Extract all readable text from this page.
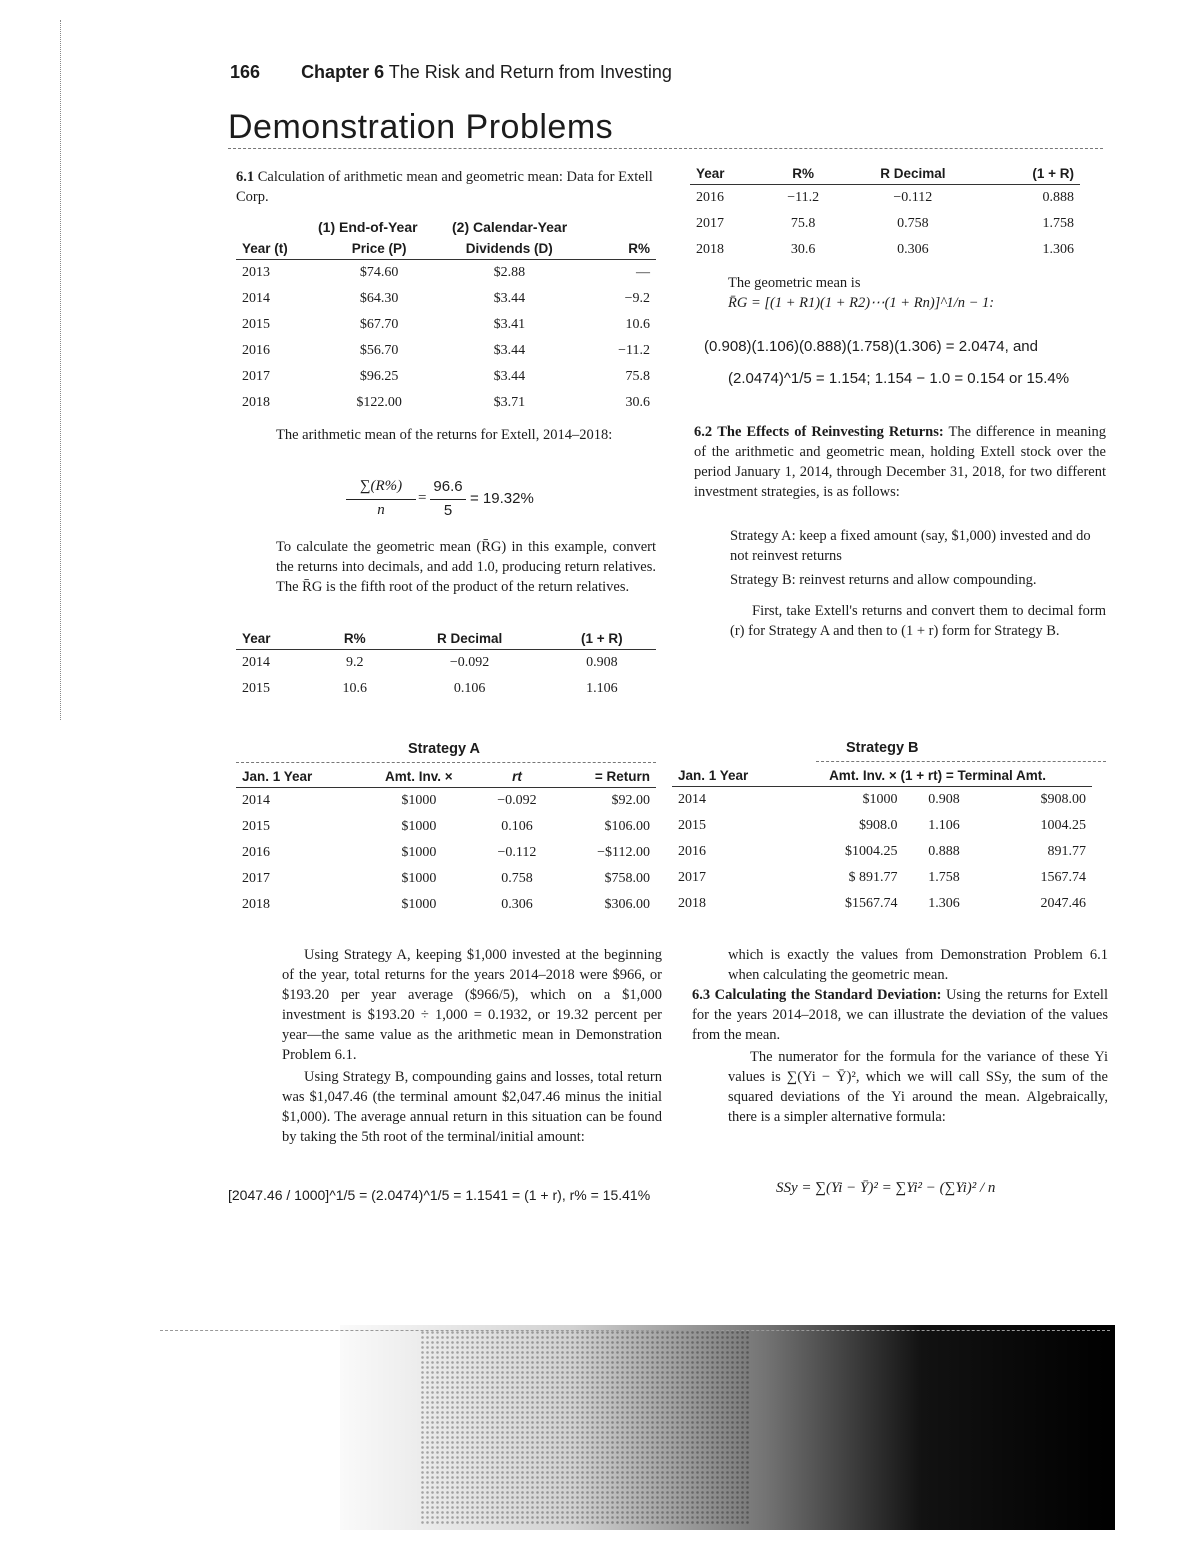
166 Chapter 6 The Risk and Return from Investing
Demonstration Problems
6.1 Calculation of arithmetic mean and geometric mean: Data for Extell Corp.
(1) End-of-Year (2) Calendar-Year
Year (t)	Price (P)	Dividends (D)	R%
2013	$74.60	$2.88	—
2014	$64.30	$3.44	−9.2
2015	$67.70	$3.41	10.6
2016	$56.70	$3.44	−11.2
2017	$96.25	$3.44	75.8
2018	$122.00	$3.71	30.6
The arithmetic mean of the returns for Extell, 2014–2018:
∑(R%)
n
=
96.6
5
= 19.32%
To calculate the geometric mean (R̄G) in this example, convert the returns into decimals, and add 1.0, producing return relatives. The R̄G is the fifth root of the product of the return relatives.
Year	R%	R Decimal	(1 + R)
2014	9.2	−0.092	0.908
2015	10.6	0.106	1.106
Year	R%	R Decimal	(1 + R)
2016	−11.2	−0.112	0.888
2017	75.8	0.758	1.758
2018	30.6	0.306	1.306
The geometric mean is
R̄G = [(1 + R1)(1 + R2)⋯(1 + Rn)]^1/n − 1:
(0.908)(1.106)(0.888)(1.758)(1.306) = 2.0474, and
(2.0474)^1/5 = 1.154; 1.154 − 1.0 = 0.154 or 15.4%
6.2 The Effects of Reinvesting Returns: The difference in meaning of the arithmetic and geometric mean, holding Extell stock over the period January 1, 2014, through December 31, 2018, for two different investment strategies, is as follows:
Strategy A: keep a fixed amount (say, $1,000) invested and do not reinvest returns
Strategy B: reinvest returns and allow compounding.
First, take Extell's returns and convert them to decimal form (r) for Strategy A and then to (1 + r) form for Strategy B.
Strategy A	Strategy B
Jan. 1 Year	Amt. Inv. ×	rt	= Return
2014	$1000	−0.092	$92.00
2015	$1000	0.106	$106.00
2016	$1000	−0.112	−$112.00
2017	$1000	0.758	$758.00
2018	$1000	0.306	$306.00
Jan. 1 Year	Amt. Inv. × (1 + rt) = Terminal Amt.		
2014	$1000	0.908	$908.00
2015	$908.0	1.106	1004.25
2016	$1004.25	0.888	891.77
2017	$ 891.77	1.758	1567.74
2018	$1567.74	1.306	2047.46
Using Strategy A, keeping $1,000 invested at the beginning of the year, total returns for the years 2014–2018 were $966, or $193.20 per year average ($966/5), which on a $1,000 investment is $193.20 ÷ 1,000 = 0.1932, or 19.32 percent per year—the same value as the arithmetic mean in Demonstration Problem 6.1.
Using Strategy B, compounding gains and losses, total return was $1,047.46 (the terminal amount $2,047.46 minus the initial $1,000). The average annual return in this situation can be found by taking the 5th root of the terminal/initial amount:
[2047.46 / 1000]^1/5 = (2.0474)^1/5 = 1.1541 = (1 + r), r% = 15.41%
which is exactly the values from Demonstration Problem 6.1 when calculating the geometric mean.
6.3 Calculating the Standard Deviation: Using the returns for Extell for the years 2014–2018, we can illustrate the deviation of the values from the mean.
The numerator for the formula for the variance of these Yi values is ∑(Yi − Ȳ)², which we will call SSy, the sum of the squared deviations of the Yi around the mean. Algebraically, there is a simpler alternative formula:
SSy = ∑(Yi − Ȳ)² = ∑Yi² − (∑Yi)² / n
